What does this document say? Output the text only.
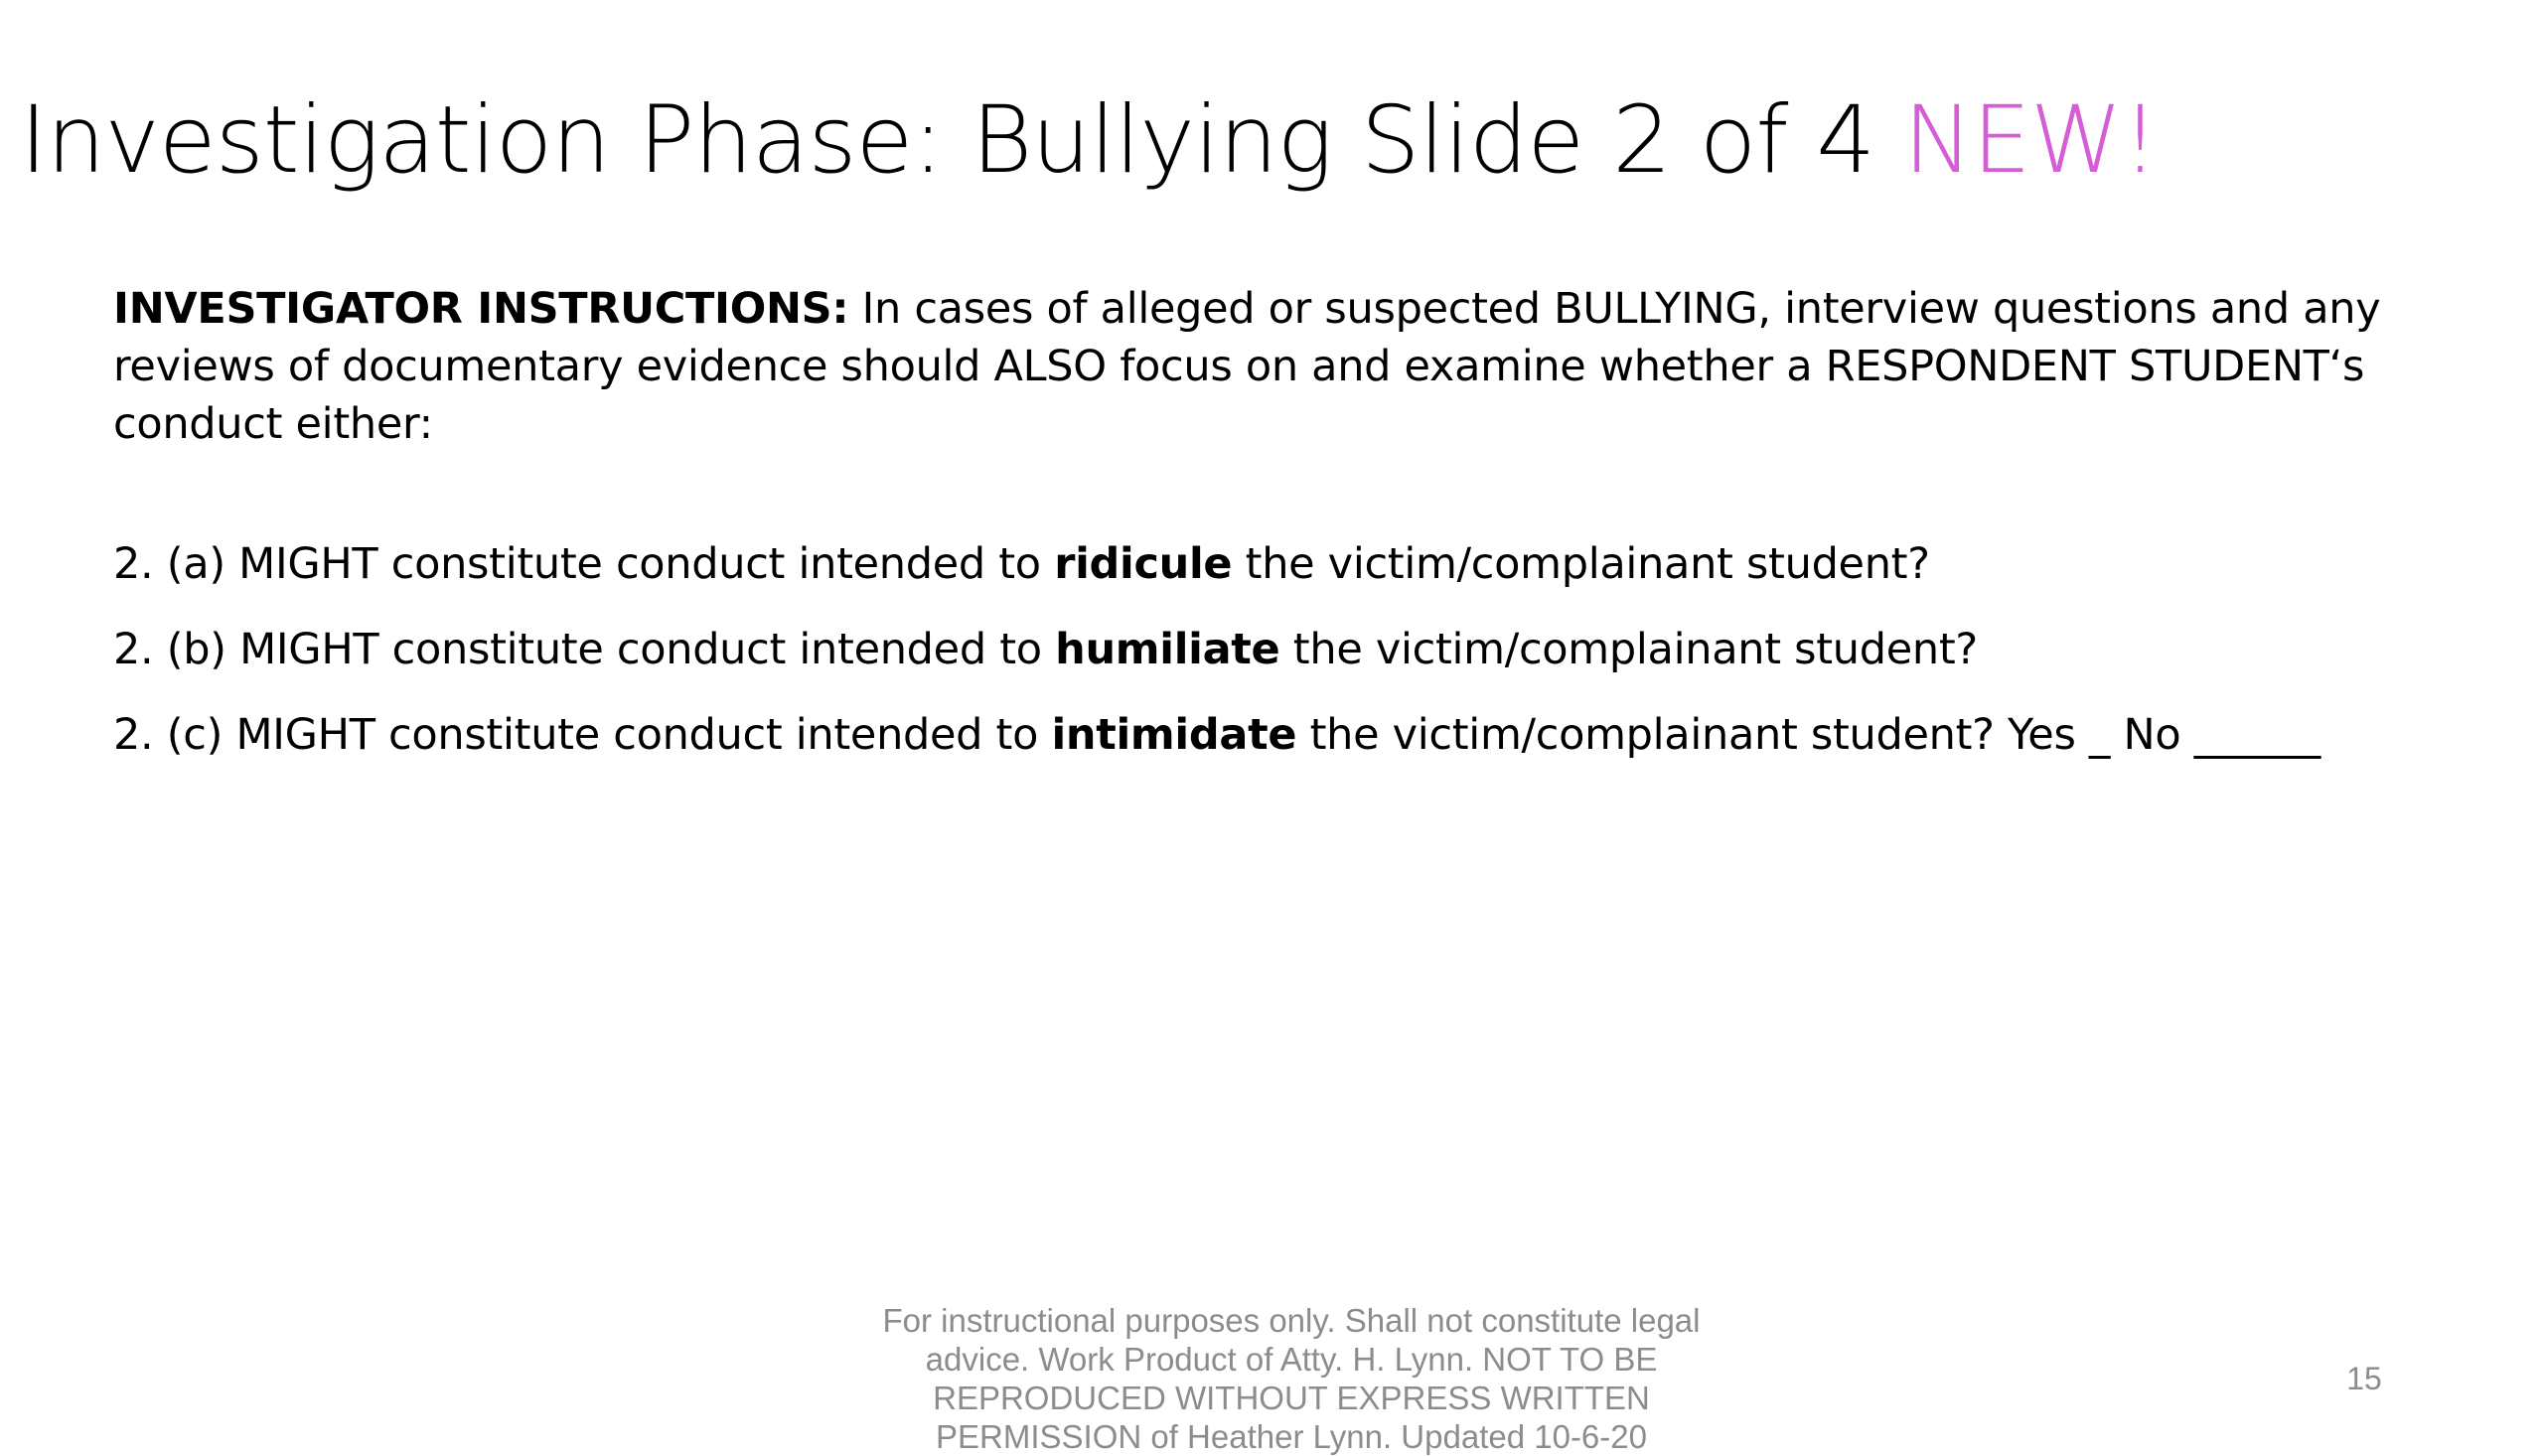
Investigation Phase: Bullying Slide 2 of 4 NEW!
INVESTIGATOR INSTRUCTIONS: In cases of alleged or suspected BULLYING, interview questions and any reviews of documentary evidence should ALSO focus on and examine whether a RESPONDENT STUDENT‘s conduct either:
2. (a) MIGHT constitute conduct intended to ridicule the victim/complainant student?
2. (b) MIGHT constitute conduct intended to humiliate the victim/complainant student?
2. (c) MIGHT constitute conduct intended to intimidate the victim/complainant student? Yes _ No ______
For instructional purposes only. Shall not constitute legal advice. Work Product of Atty. H. Lynn. NOT TO BE REPRODUCED WITHOUT EXPRESS WRITTEN PERMISSION of Heather Lynn. Updated 10-6-20
15
